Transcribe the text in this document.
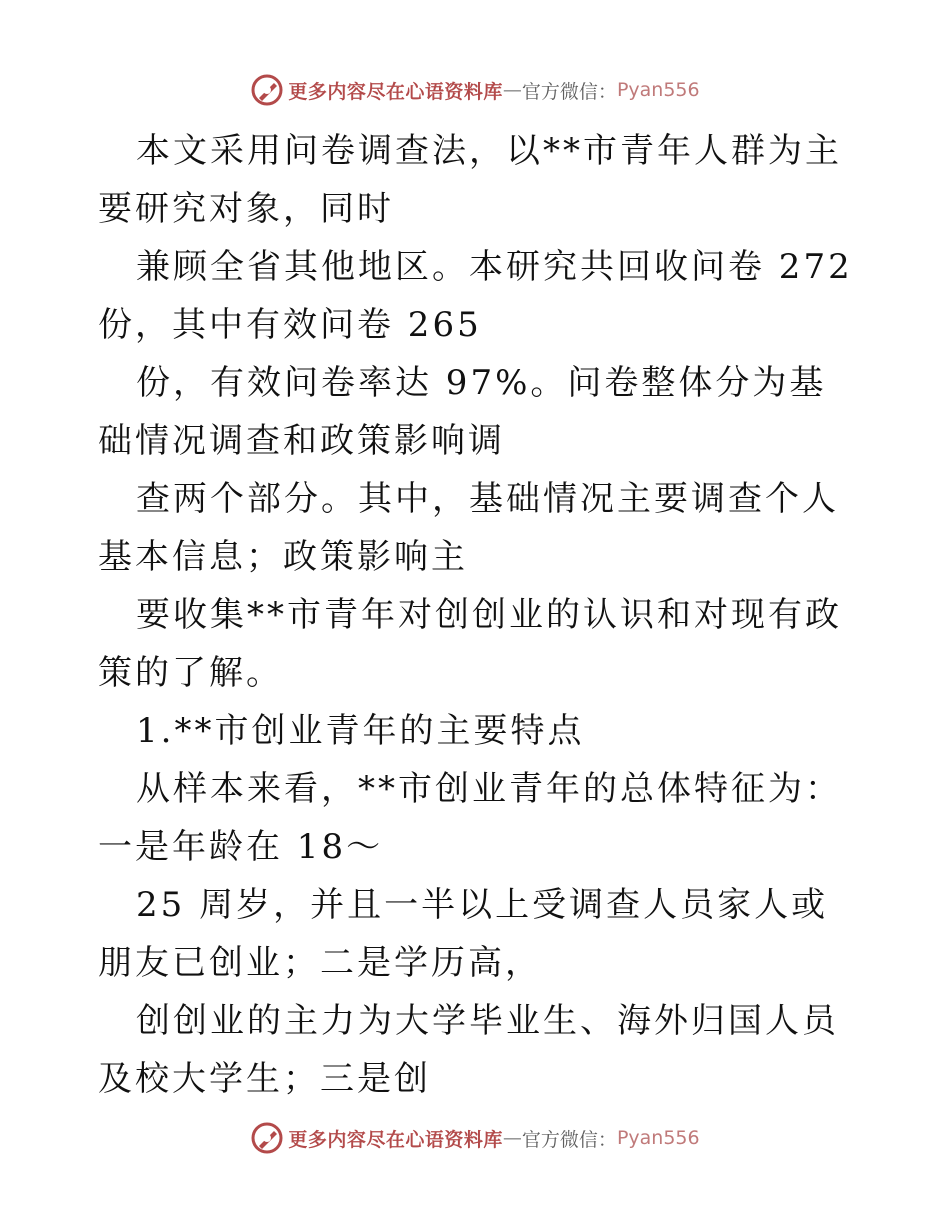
更多内容尽在心语资料库 — 官方微信： Pyan556

本文采用问卷调查法，以**市青年人群为主要研究对象，同时

兼顾全省其他地区。本研究共回收问卷 272
份，其中有效问卷 265

份，有效问卷率达 97%。问卷整体分为基础情况调查和政策影响调

查两个部分。其中，基础情况主要调查个人基本信息；政策影响主

要收集**市青年对创创业的认识和对现有政策的了解。

1.**市创业青年的主要特点

从样本来看，**市创业青年的总体特征为：一是年龄在 18～

25 周岁，并且一半以上受调查人员家人或朋友已创业；二是学历高，

创创业的主力为大学毕业生、海外归国人员及校大学生；三是创

更多内容尽在心语资料库 — 官方微信： Pyan556
